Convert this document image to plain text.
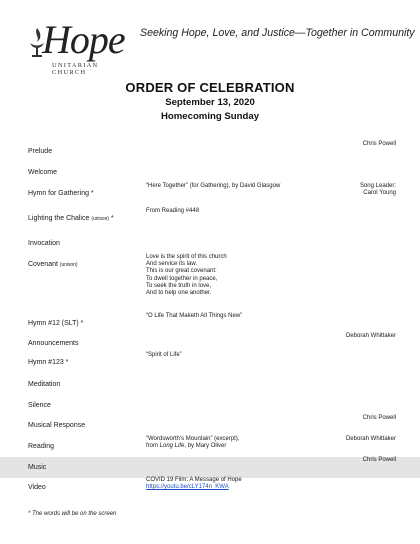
Hope
UNITARIAN CHURCH
Seeking Hope, Love, and Justice—Together in Community
ORDER OF CELEBRATION
September 13, 2020
Homecoming Sunday
Prelude
Chris Powell
Welcome
Hymn for Gathering *
“Here Together” (for Gathering), by David Glasgow	Song Leader:
Carol Young
Lighting the Chalice (unison) *
From Reading #448
Invocation
Covenant (unison)
Love is the spirit of this church
And service its law.
This is our great covenant:
To dwell together in peace,
To seek the truth in love,
And to help one another.
Hymn #12 (SLT) *
“O Life That Maketh All Things New”
Announcements
Deborah Whittaker
Hymn #123 *
“Spirit of Life”
Meditation
Silence
Musical Response
Chris Powell
Reading
“Wordsworth’s Mountain” (excerpt),
from Long Life, by Mary Oliver
Deborah Whittaker
Music
Chris Powell
Video
COVID 19 Film: A Message of Hope
https://youtu.be/cLY174n_KWA
* The words will be on the screen
